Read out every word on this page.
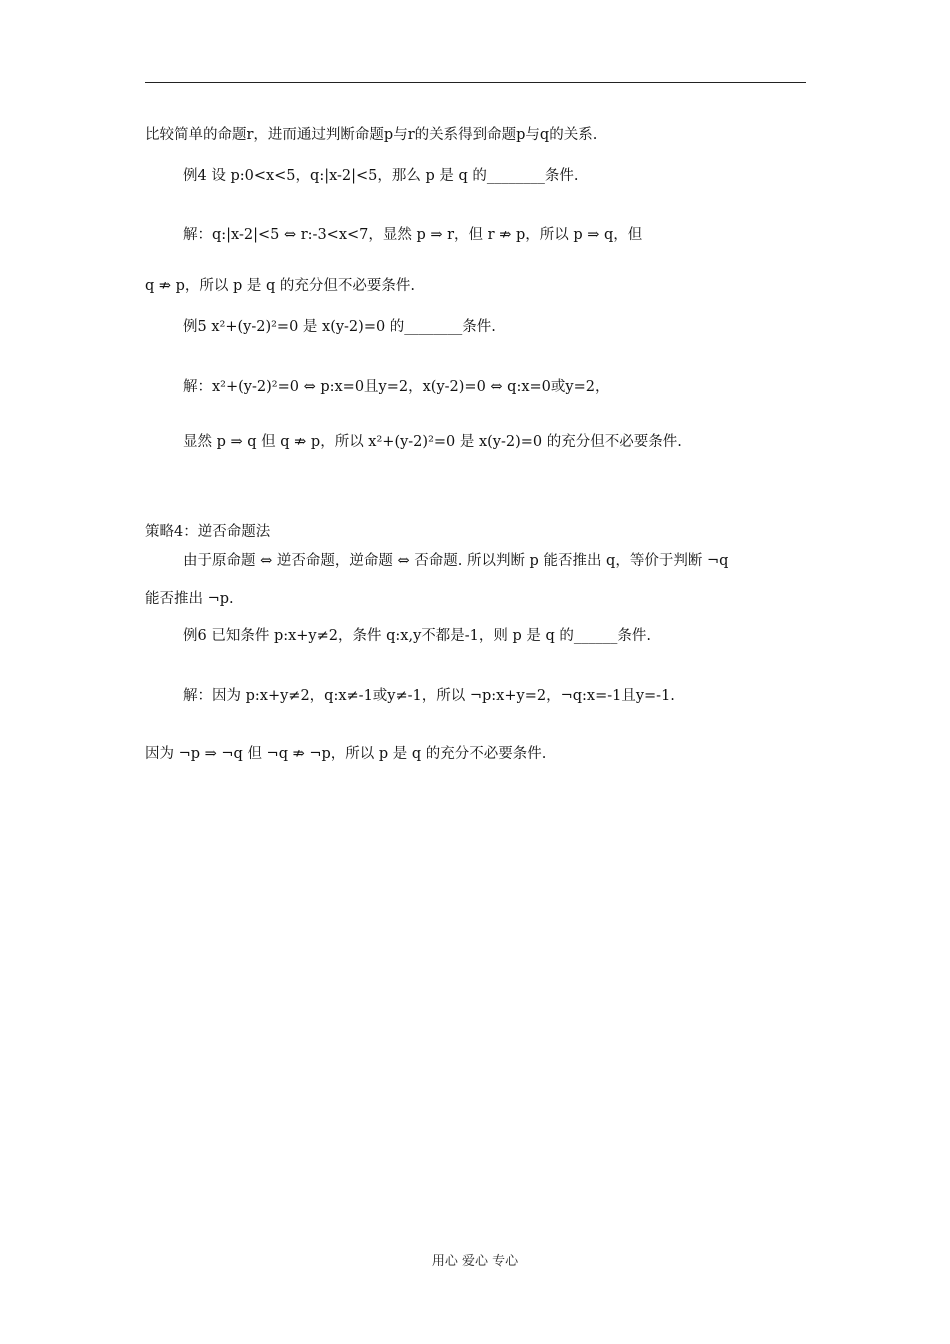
比较简单的命题r，进而通过判断命题p与r的关系得到命题p与q的关系.
例4 设 p:0<x<5，q:|x-2|<5，那么 p 是 q 的________条件.
解：q:|x-2|<5 ⇔ r:-3<x<7，显然 p ⇒ r，但 r ⇏ p，所以 p ⇒ q，但
q ⇏ p，所以 p 是 q 的充分但不必要条件.
例5 x²+(y-2)²=0 是 x(y-2)=0 的________条件.
解：x²+(y-2)²=0 ⇔ p:x=0且y=2，x(y-2)=0 ⇔ q:x=0或y=2，
显然 p ⇒ q 但 q ⇏ p，所以 x²+(y-2)²=0 是 x(y-2)=0 的充分但不必要条件.
策略4：逆否命题法
由于原命题 ⇔ 逆否命题，逆命题 ⇔ 否命题. 所以判断 p 能否推出 q，等价于判断 ¬q
能否推出 ¬p.
例6 已知条件 p:x+y≠2，条件 q:x,y不都是-1，则 p 是 q 的______条件.
解：因为 p:x+y≠2，q:x≠-1或y≠-1，所以 ¬p:x+y=2，¬q:x=-1且y=-1.
因为 ¬p ⇒ ¬q 但 ¬q ⇏ ¬p，所以 p 是 q 的充分不必要条件.
用心 爱心 专心
